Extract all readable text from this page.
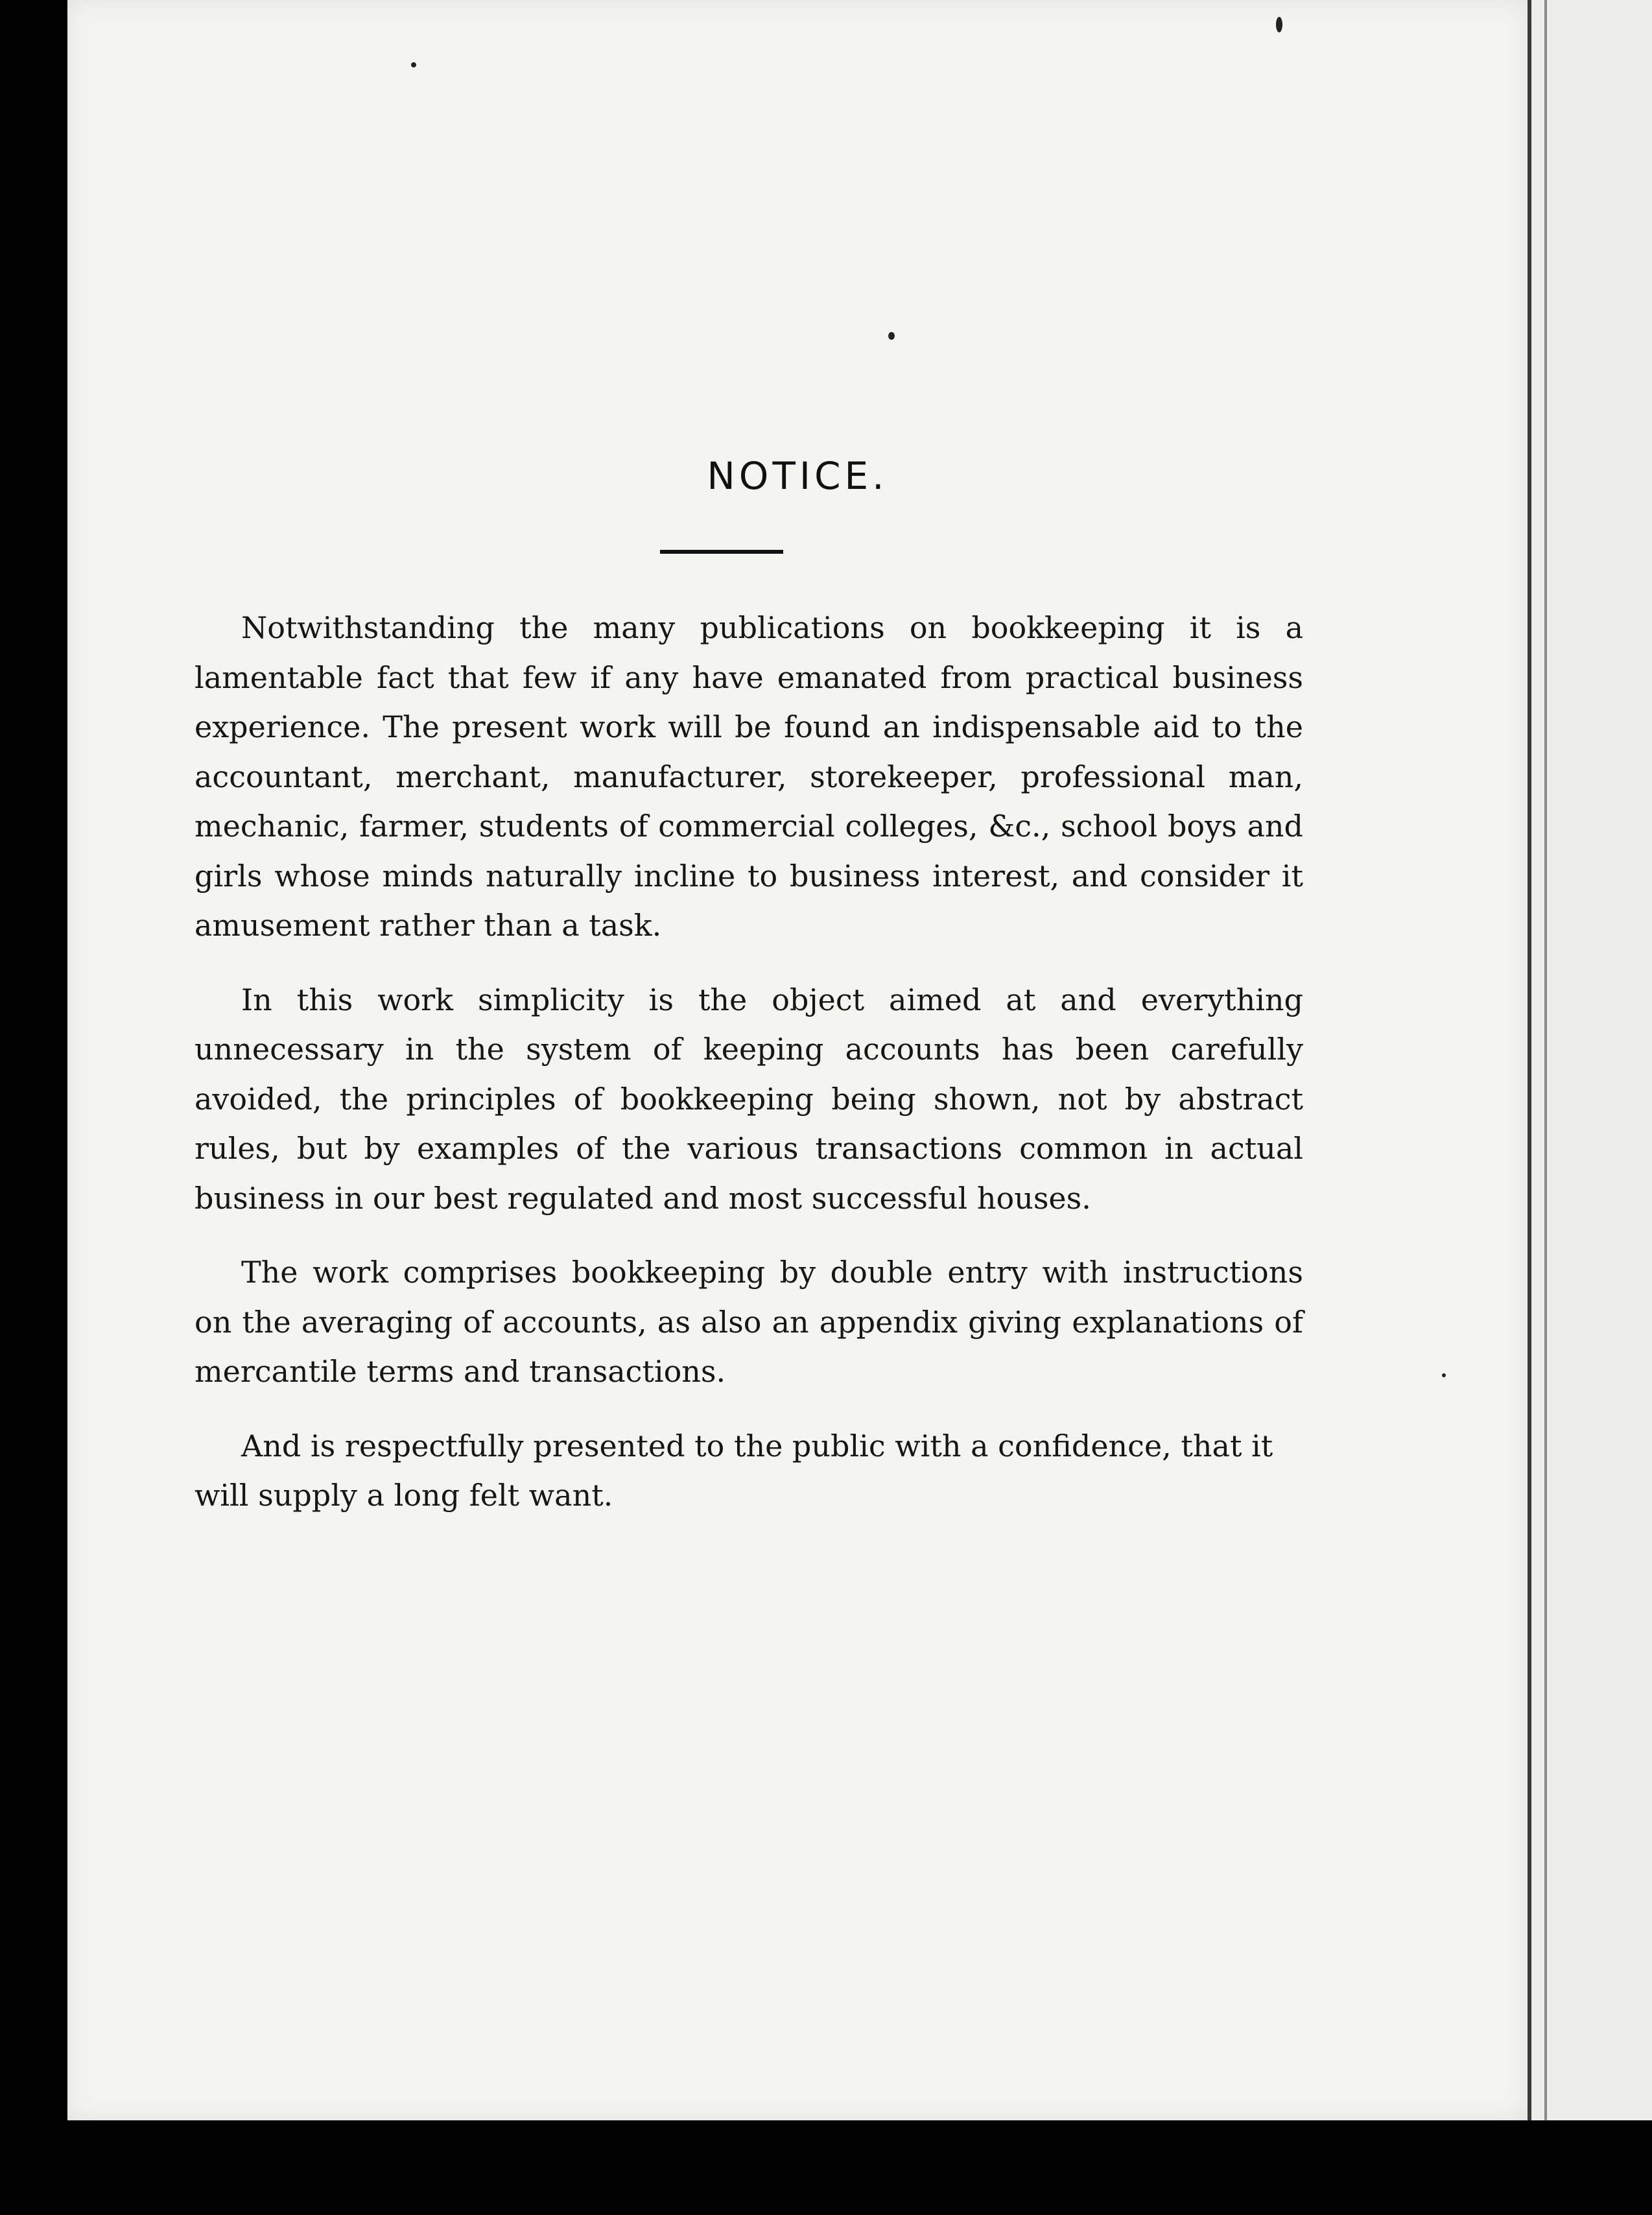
NOTICE.

Notwithstanding the many publications on bookkeeping it is a lamentable fact that few if any have emanated from practical business experience. The present work will be found an indispensable aid to the accountant, merchant, manufacturer, storekeeper, professional man, mechanic, farmer, students of commercial colleges, &c., school boys and girls whose minds naturally incline to business interest, and consider it amusement rather than a task.

In this work simplicity is the object aimed at and everything unnecessary in the system of keeping accounts has been carefully avoided, the principles of bookkeeping being shown, not by abstract rules, but by examples of the various transactions common in actual business in our best regulated and most successful houses.

The work comprises bookkeeping by double entry with instructions on the averaging of accounts, as also an appendix giving explanations of mercantile terms and transactions.

And is respectfully presented to the public with a confidence, that it will supply a long felt want.
